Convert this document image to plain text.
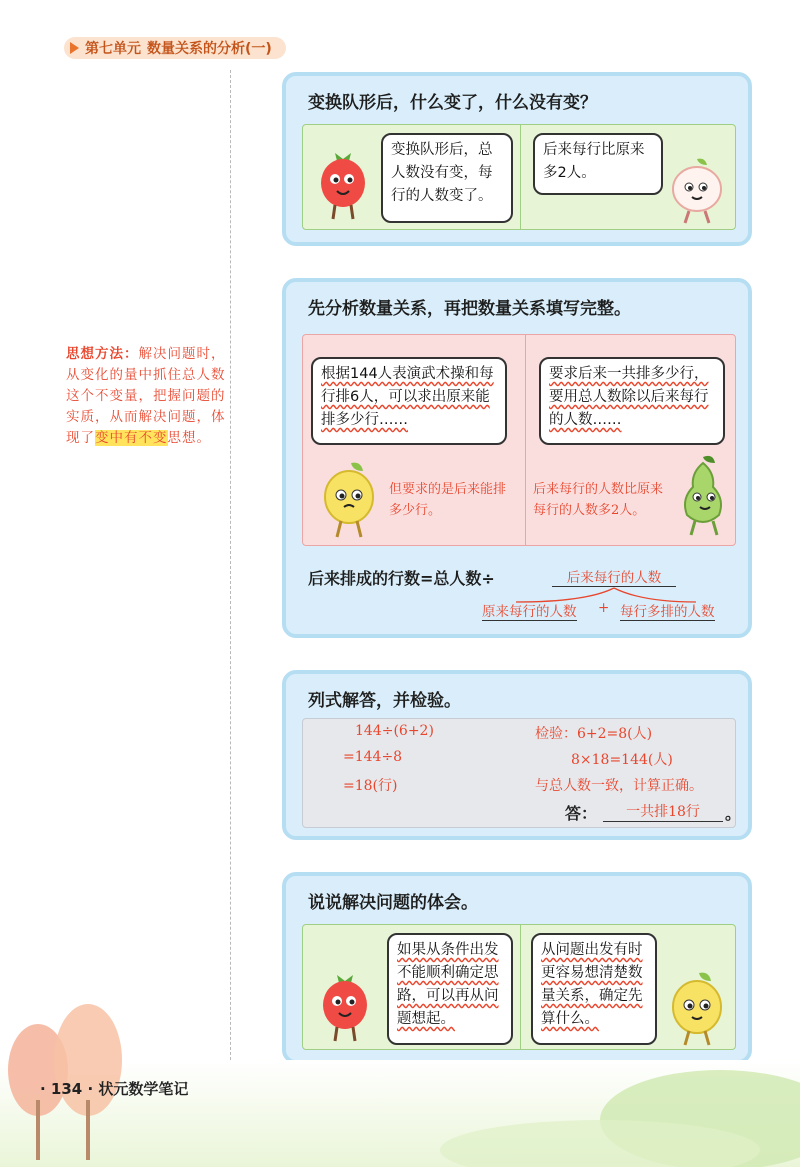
第七单元 数量关系的分析(一)
思想方法：解决问题时，从变化的量中抓住总人数这个不变量，把握问题的实质，从而解决问题，体现了变中有不变思想。
变换队形后，什么变了，什么没有变？
变换队形后，总人数没有变，每行的人数变了。
后来每行比原来多2人。
先分析数量关系，再把数量关系填写完整。
根据144人表演武术操和每行排6人，可以求出原来能排多少行……
但要求的是后来能排多少行。
要求后来一共排多少行，要用总人数除以后来每行的人数……
后来每行的人数比原来每行的人数多2人。
后来排成的行数=总人数÷	后来每行的人数
原来每行的人数 + 每行多排的人数
列式解答，并检验。
144÷(6+2)
=144÷8
=18(行)
检验：6+2=8(人)
8×18=144(人)
与总人数一致，计算正确。
答：	一共排18行	。
说说解决问题的体会。
如果从条件出发不能顺利确定思路，可以再从问题想起。
从问题出发有时更容易想清楚数量关系，确定先算什么。
· 134 · 状元数学笔记
